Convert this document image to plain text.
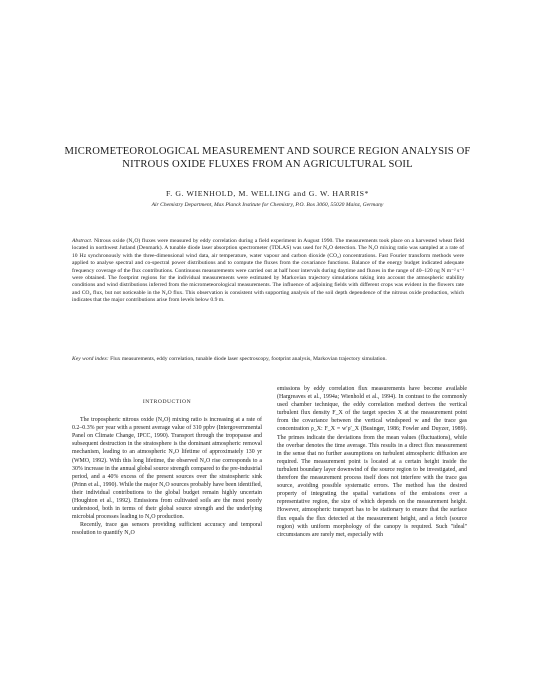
MICROMETEOROLOGICAL MEASUREMENT AND SOURCE REGION ANALYSIS OF NITROUS OXIDE FLUXES FROM AN AGRICULTURAL SOIL
F. G. WIENHOLD, M. WELLING and G. W. HARRIS*
Air Chemistry Department, Max Planck Institute for Chemistry, P.O. Box 3060, 55020 Mainz, Germany
Abstract. Nitrous oxide (N₂O) fluxes were measured by eddy correlation during a field experiment in August 1990. The measurements took place on a harvested wheat field located in northwest Jutland (Denmark). A tunable diode laser absorption spectrometer (TDLAS) was used for N₂O detection. The N₂O mixing ratio was sampled at a rate of 10 Hz synchronously with the three-dimensional wind data, air temperature, water vapour and carbon dioxide (CO₂) concentrations. Fast Fourier transform methods were applied to analyse spectral and co-spectral power distributions and to compute the fluxes from the covariance functions. Balance of the energy budget indicated adequate frequency coverage of the flux contributions. Continuous measurements were carried out at half hour intervals during daytime and fluxes in the range of 40–120 ng N m⁻² s⁻¹ were obtained. The footprint regions for the individual measurements were estimated by Markovian trajectory simulations taking into account the atmospheric stability conditions and wind distributions inferred from the micrometeorological measurements. The influence of adjoining fields with different crops was evident in the flowers rate and CO₂ flux, but not noticeable in the N₂O flux. This observation is consistent with supporting analysis of the soil depth dependence of the nitrous oxide production, which indicates that the major contributions arise from levels below 0.9 m.
Key word index: Flux measurements, eddy correlation, tunable diode laser spectroscopy, footprint analysis, Markovian trajectory simulation.
INTRODUCTION

The tropospheric nitrous oxide (N₂O) mixing ratio is increasing at a rate of 0.2–0.3% per year with a present average value of 310 ppbv (Intergovernmental Panel on Climate Change, IPCC, 1990). Transport through the tropopause and subsequent destruction in the stratosphere is the dominant atmospheric removal mechanism, leading to an atmospheric N₂O lifetime of approximately 130 yr (WMO, 1992). With this long lifetime, the observed N₂O rise corresponds to a 30% increase in the annual global source strength compared to the pre-industrial period, and a 40% excess of the present sources over the stratospheric sink (Prinn et al., 1990). While the major N₂O sources probably have been identified, their individual contributions to the global budget remain highly uncertain (Houghton et al., 1992). Emissions from cultivated soils are the most poorly understood, both in terms of their global source strength and the underlying microbial processes leading to N₂O production.

Recently, trace gas sensors providing sufficient accuracy and temporal resolution to quantify N₂O

emissions by eddy correlation flux measurements have become available (Hargreaves et al., 1994a; Wienhold et al., 1994). In contrast to the commonly used chamber technique, the eddy correlation method derives the vertical turbulent flux density F_X of the target species X at the measurement point from the covariance between the vertical windspeed w and the trace gas concentration ρ_X: F_X = w′ρ′_X (Businger, 1986; Fowler and Duyzer, 1989). The primes indicate the deviations from the mean values (fluctuations), while the overbar denotes the time average. This results in a direct flux measurement in the sense that no further assumptions on turbulent atmospheric diffusion are required. The measurement point is located at a certain height inside the turbulent boundary layer downwind of the source region to be investigated, and therefore the measurement process itself does not interfere with the trace gas source, avoiding possible systematic errors. The method has the desired property of integrating the spatial variations of the emissions over a representative region, the size of which depends on the measurement height. However, atmospheric transport has to be stationary to ensure that the surface flux equals the flux detected at the measurement height, and a fetch (source region) with uniform morphology of the canopy is required. Such "ideal" circumstances are rarely met, especially with
